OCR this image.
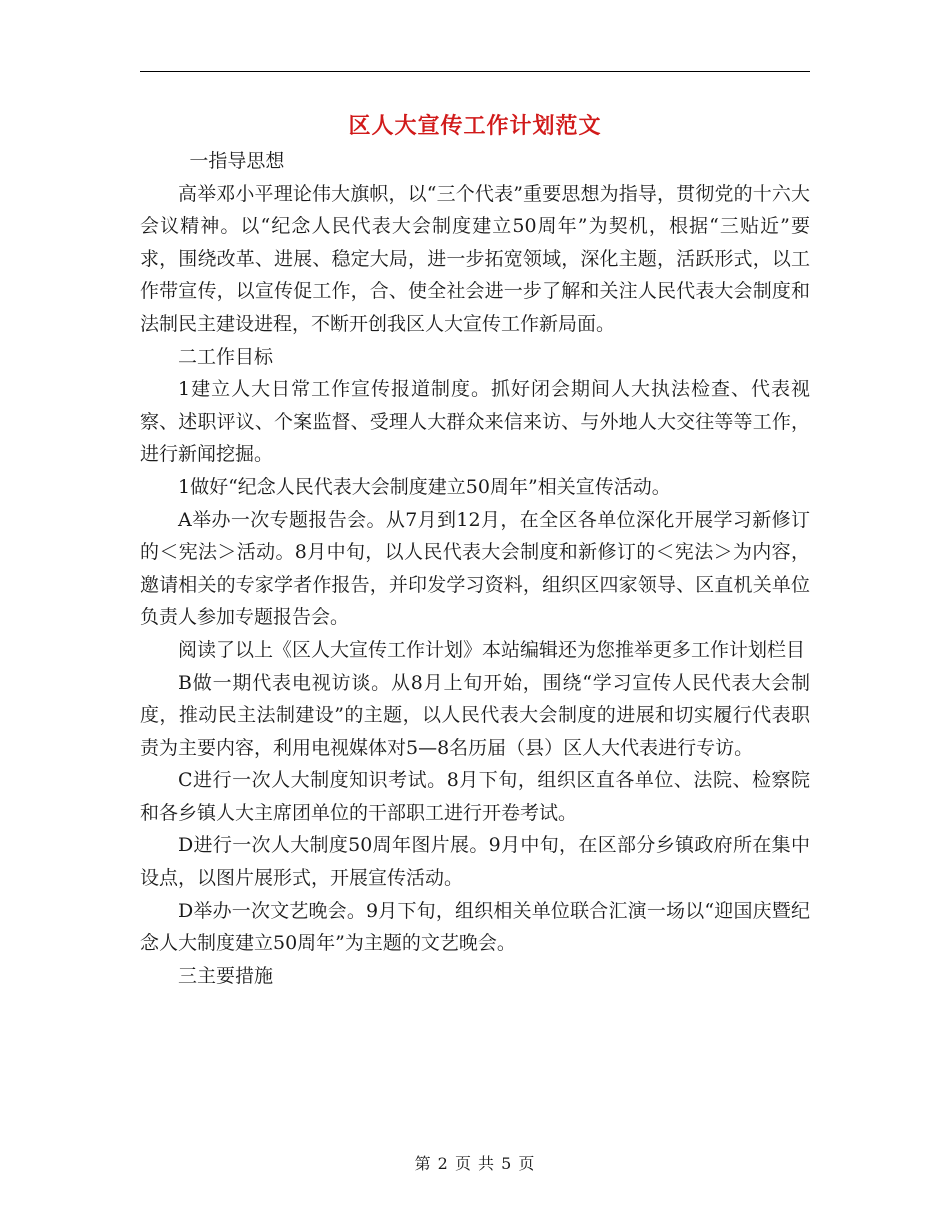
区人大宣传工作计划范文

一指导思想

高举邓小平理论伟大旗帜，以“三个代表”重要思想为指导，贯彻党的十六大会议精神。以“纪念人民代表大会制度建立50周年”为契机，根据“三贴近”要求，围绕改革、进展、稳定大局，进一步拓宽领域，深化主题，活跃形式，以工作带宣传，以宣传促工作，合、使全社会进一步了解和关注人民代表大会制度和法制民主建设进程，不断开创我区人大宣传工作新局面。

二工作目标

1建立人大日常工作宣传报道制度。抓好闭会期间人大执法检查、代表视察、述职评议、个案监督、受理人大群众来信来访、与外地人大交往等等工作，进行新闻挖掘。

1做好“纪念人民代表大会制度建立50周年”相关宣传活动。

A举办一次专题报告会。从7月到12月，在全区各单位深化开展学习新修订的＜宪法＞活动。8月中旬，以人民代表大会制度和新修订的＜宪法＞为内容，邀请相关的专家学者作报告，并印发学习资料，组织区四家领导、区直机关单位负责人参加专题报告会。

阅读了以上《区人大宣传工作计划》本站编辑还为您推举更多工作计划栏目

B做一期代表电视访谈。从8月上旬开始，围绕“学习宣传人民代表大会制度，推动民主法制建设”的主题，以人民代表大会制度的进展和切实履行代表职责为主要内容，利用电视媒体对5—8名历届（县）区人大代表进行专访。

C进行一次人大制度知识考试。8月下旬，组织区直各单位、法院、检察院和各乡镇人大主席团单位的干部职工进行开卷考试。

D进行一次人大制度50周年图片展。9月中旬，在区部分乡镇政府所在集中设点，以图片展形式，开展宣传活动。

D举办一次文艺晚会。9月下旬，组织相关单位联合汇演一场以“迎国庆暨纪念人大制度建立50周年”为主题的文艺晚会。

三主要措施

第 2 页 共 5 页
